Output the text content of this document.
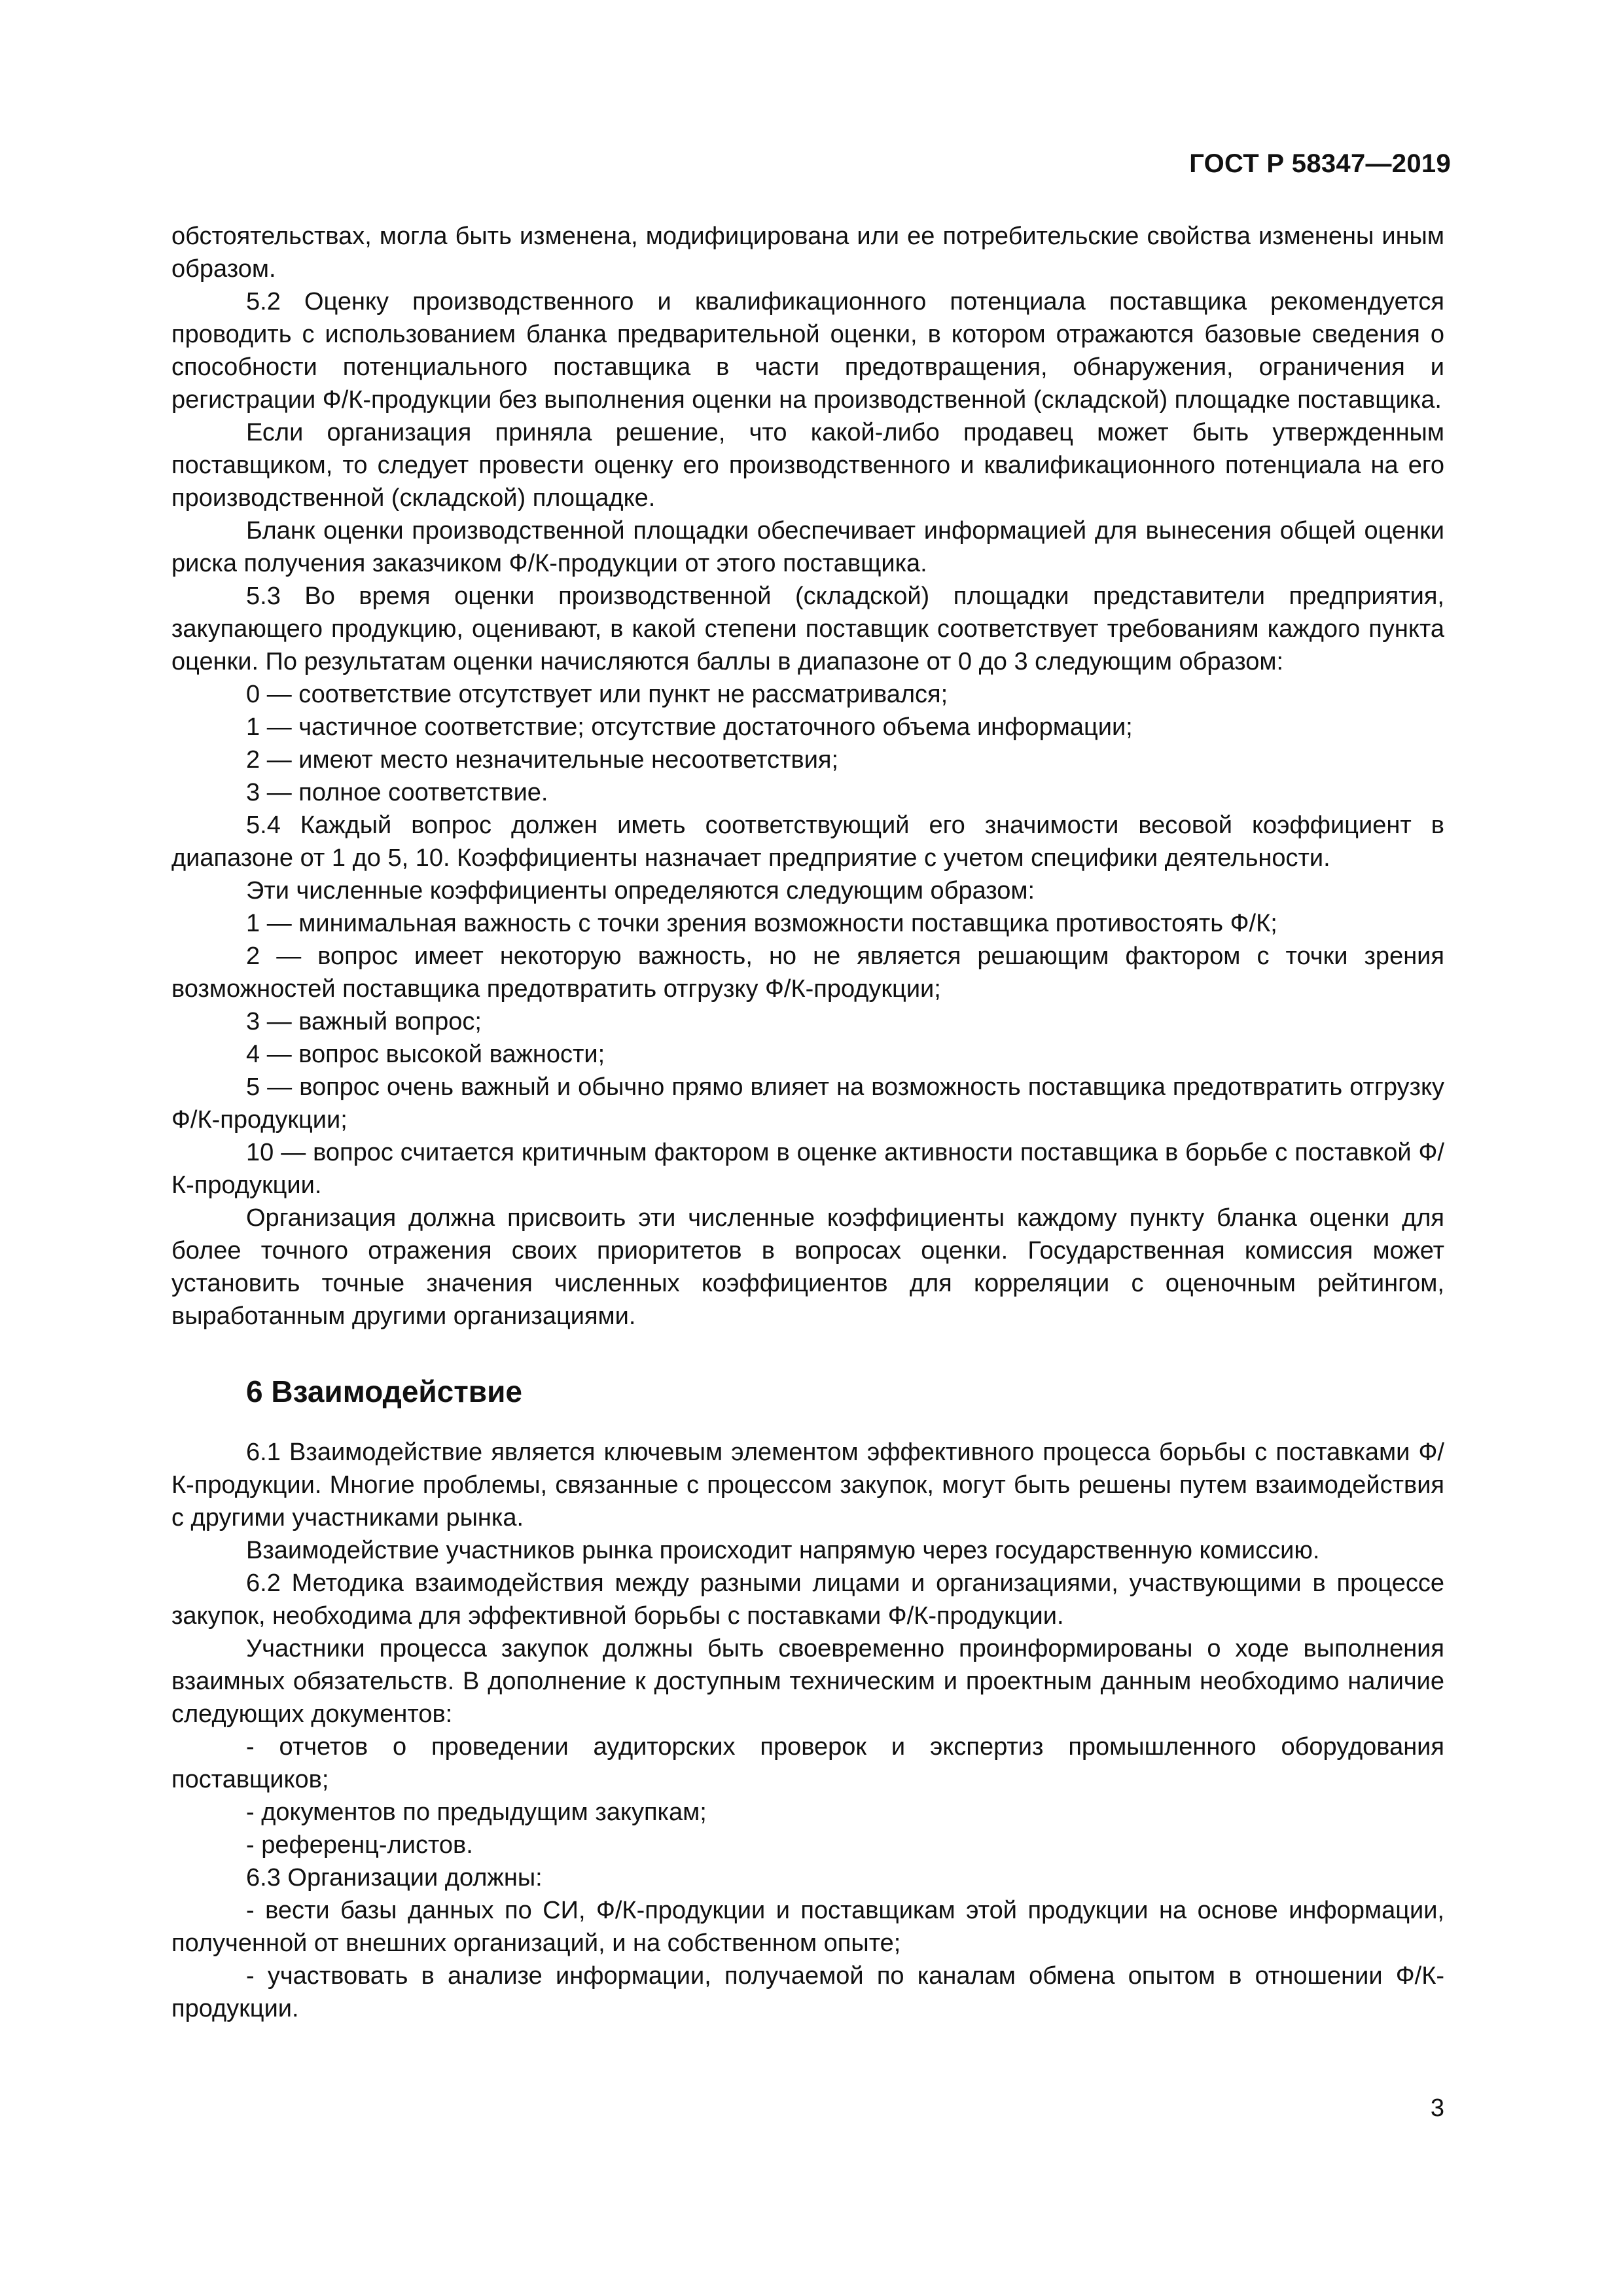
ГОСТ Р 58347—2019

обстоятельствах, могла быть изменена, модифицирована или ее потребительские свойства изменены иным образом.

5.2 Оценку производственного и квалификационного потенциала поставщика рекомендуется проводить с использованием бланка предварительной оценки, в котором отражаются базовые сведения о способности потенциального поставщика в части предотвращения, обнаружения, ограничения и регистрации Ф/К-продукции без выполнения оценки на производственной (складской) площадке поставщика.

Если организация приняла решение, что какой-либо продавец может быть утвержденным поставщиком, то следует провести оценку его производственного и квалификационного потенциала на его производственной (складской) площадке.

Бланк оценки производственной площадки обеспечивает информацией для вынесения общей оценки риска получения заказчиком Ф/К-продукции от этого поставщика.

5.3 Во время оценки производственной (складской) площадки представители предприятия, закупающего продукцию, оценивают, в какой степени поставщик соответствует требованиям каждого пункта оценки. По результатам оценки начисляются баллы в диапазоне от 0 до 3 следующим образом:

0 — соответствие отсутствует или пункт не рассматривался;

1 — частичное соответствие; отсутствие достаточного объема информации;

2 — имеют место незначительные несоответствия;

3 — полное соответствие.

5.4 Каждый вопрос должен иметь соответствующий его значимости весовой коэффициент в диапазоне от 1 до 5, 10. Коэффициенты назначает предприятие с учетом специфики деятельности.

Эти численные коэффициенты определяются следующим образом:

1 — минимальная важность с точки зрения возможности поставщика противостоять Ф/К;

2 — вопрос имеет некоторую важность, но не является решающим фактором с точки зрения возможностей поставщика предотвратить отгрузку Ф/К-продукции;

3 — важный вопрос;

4 — вопрос высокой важности;

5 — вопрос очень важный и обычно прямо влияет на возможность поставщика предотвратить отгрузку Ф/К-продукции;

10 — вопрос считается критичным фактором в оценке активности поставщика в борьбе с поставкой Ф/К-продукции.

Организация должна присвоить эти численные коэффициенты каждому пункту бланка оценки для более точного отражения своих приоритетов в вопросах оценки. Государственная комиссия может установить точные значения численных коэффициентов для корреляции с оценочным рейтингом, выработанным другими организациями.

6 Взаимодействие

6.1 Взаимодействие является ключевым элементом эффективного процесса борьбы с поставками Ф/К-продукции. Многие проблемы, связанные с процессом закупок, могут быть решены путем взаимодействия с другими участниками рынка.

Взаимодействие участников рынка происходит напрямую через государственную комиссию.

6.2 Методика взаимодействия между разными лицами и организациями, участвующими в процессе закупок, необходима для эффективной борьбы с поставками Ф/К-продукции.

Участники процесса закупок должны быть своевременно проинформированы о ходе выполнения взаимных обязательств. В дополнение к доступным техническим и проектным данным необходимо наличие следующих документов:

- отчетов о проведении аудиторских проверок и экспертиз промышленного оборудования поставщиков;

- документов по предыдущим закупкам;

- референц-листов.

6.3 Организации должны:

- вести базы данных по СИ, Ф/К-продукции и поставщикам этой продукции на основе информации, полученной от внешних организаций, и на собственном опыте;

- участвовать в анализе информации, получаемой по каналам обмена опытом в отношении Ф/К-продукции.

3
